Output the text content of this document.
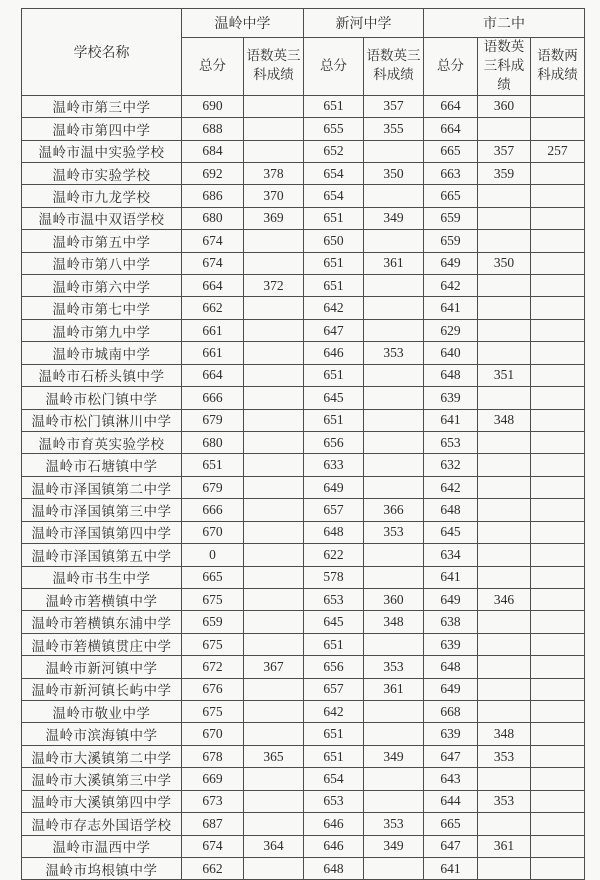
学校名称	温岭中学		新河中学		市二中		
	总分	语数英三科成绩	总分	语数英三科成绩	总分	语数英三科成绩	语数两科成绩
温岭市第三中学	690		651	357	664	360	
温岭市第四中学	688		655	355	664		
温岭市温中实验学校	684		652		665	357	257
温岭市实验学校	692	378	654	350	663	359	
温岭市九龙学校	686	370	654		665		
温岭市温中双语学校	680	369	651	349	659		
温岭市第五中学	674		650		659		
温岭市第八中学	674		651	361	649	350	
温岭市第六中学	664	372	651		642		
温岭市第七中学	662		642		641		
温岭市第九中学	661		647		629		
温岭市城南中学	661		646	353	640		
温岭市石桥头镇中学	664		651		648	351	
温岭市松门镇中学	666		645		639		
温岭市松门镇淋川中学	679		651		641	348	
温岭市育英实验学校	680		656		653		
温岭市石塘镇中学	651		633		632		
温岭市泽国镇第二中学	679		649		642		
温岭市泽国镇第三中学	666		657	366	648		
温岭市泽国镇第四中学	670		648	353	645		
温岭市泽国镇第五中学	0		622		634		
温岭市书生中学	665		578		641		
温岭市箬横镇中学	675		653	360	649	346	
温岭市箬横镇东浦中学	659		645	348	638		
温岭市箬横镇贯庄中学	675		651		639		
温岭市新河镇中学	672	367	656	353	648		
温岭市新河镇长屿中学	676		657	361	649		
温岭市敬业中学	675		642		668		
温岭市滨海镇中学	670		651		639	348	
温岭市大溪镇第二中学	678	365	651	349	647	353	
温岭市大溪镇第三中学	669		654		643		
温岭市大溪镇第四中学	673		653		644	353	
温岭市存志外国语学校	687		646	353	665		
温岭市温西中学	674	364	646	349	647	361	
温岭市坞根镇中学	662		648		641		
